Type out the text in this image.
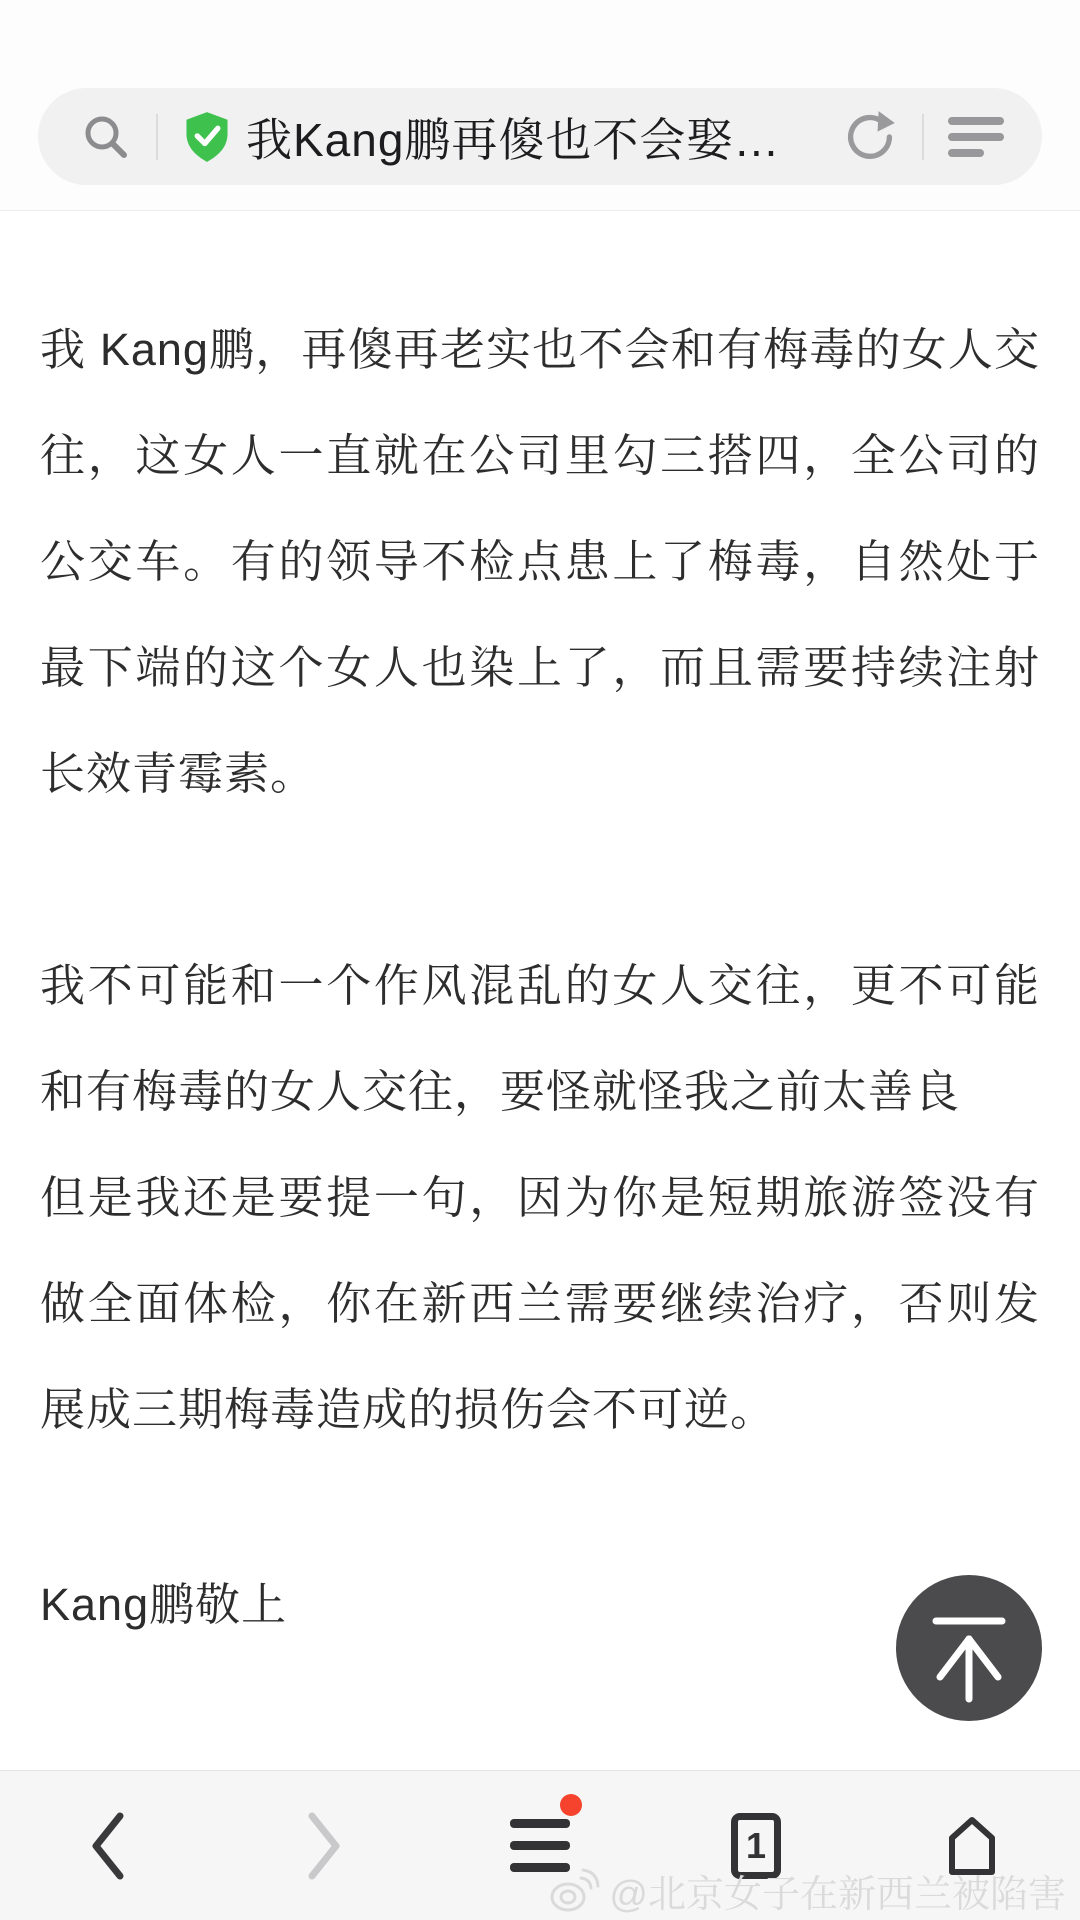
我Kang鹏再傻也不会娶…

我 Kang鹏，再傻再老实也不会和有梅毒的女人交往，这女人一直就在公司里勾三搭四，全公司的公交车。有的领导不检点患上了梅毒，自然处于最下端的这个女人也染上了，而且需要持续注射长效青霉素。

我不可能和一个作风混乱的女人交往，更不可能和有梅毒的女人交往，要怪就怪我之前太善良

但是我还是要提一句，因为你是短期旅游签没有做全面体检，你在新西兰需要继续治疗，否则发展成三期梅毒造成的损伤会不可逆。

Kang鹏敬上

1
@北京女子在新西兰被陷害
